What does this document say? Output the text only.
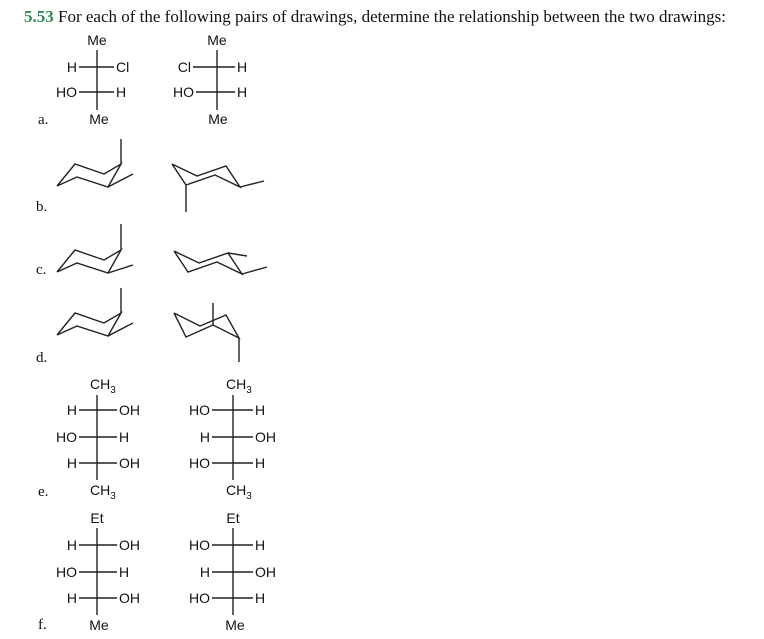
5.53 For each of the following pairs of drawings, determine the relationship between the two drawings:
a.
b.
c.
d.
e.
f.
Me
H	Cl
HO	H
Me
Me
Cl	H
HO	H
Me
$CH_3$
H	OH
HO	H
H	OH
$CH_3$
$CH_3$
HO	H
H	OH
HO	H
$CH_3$
Et
H	OH
HO	H
H	OH
Me
Et
HO	H
H	OH
HO	H
Me
